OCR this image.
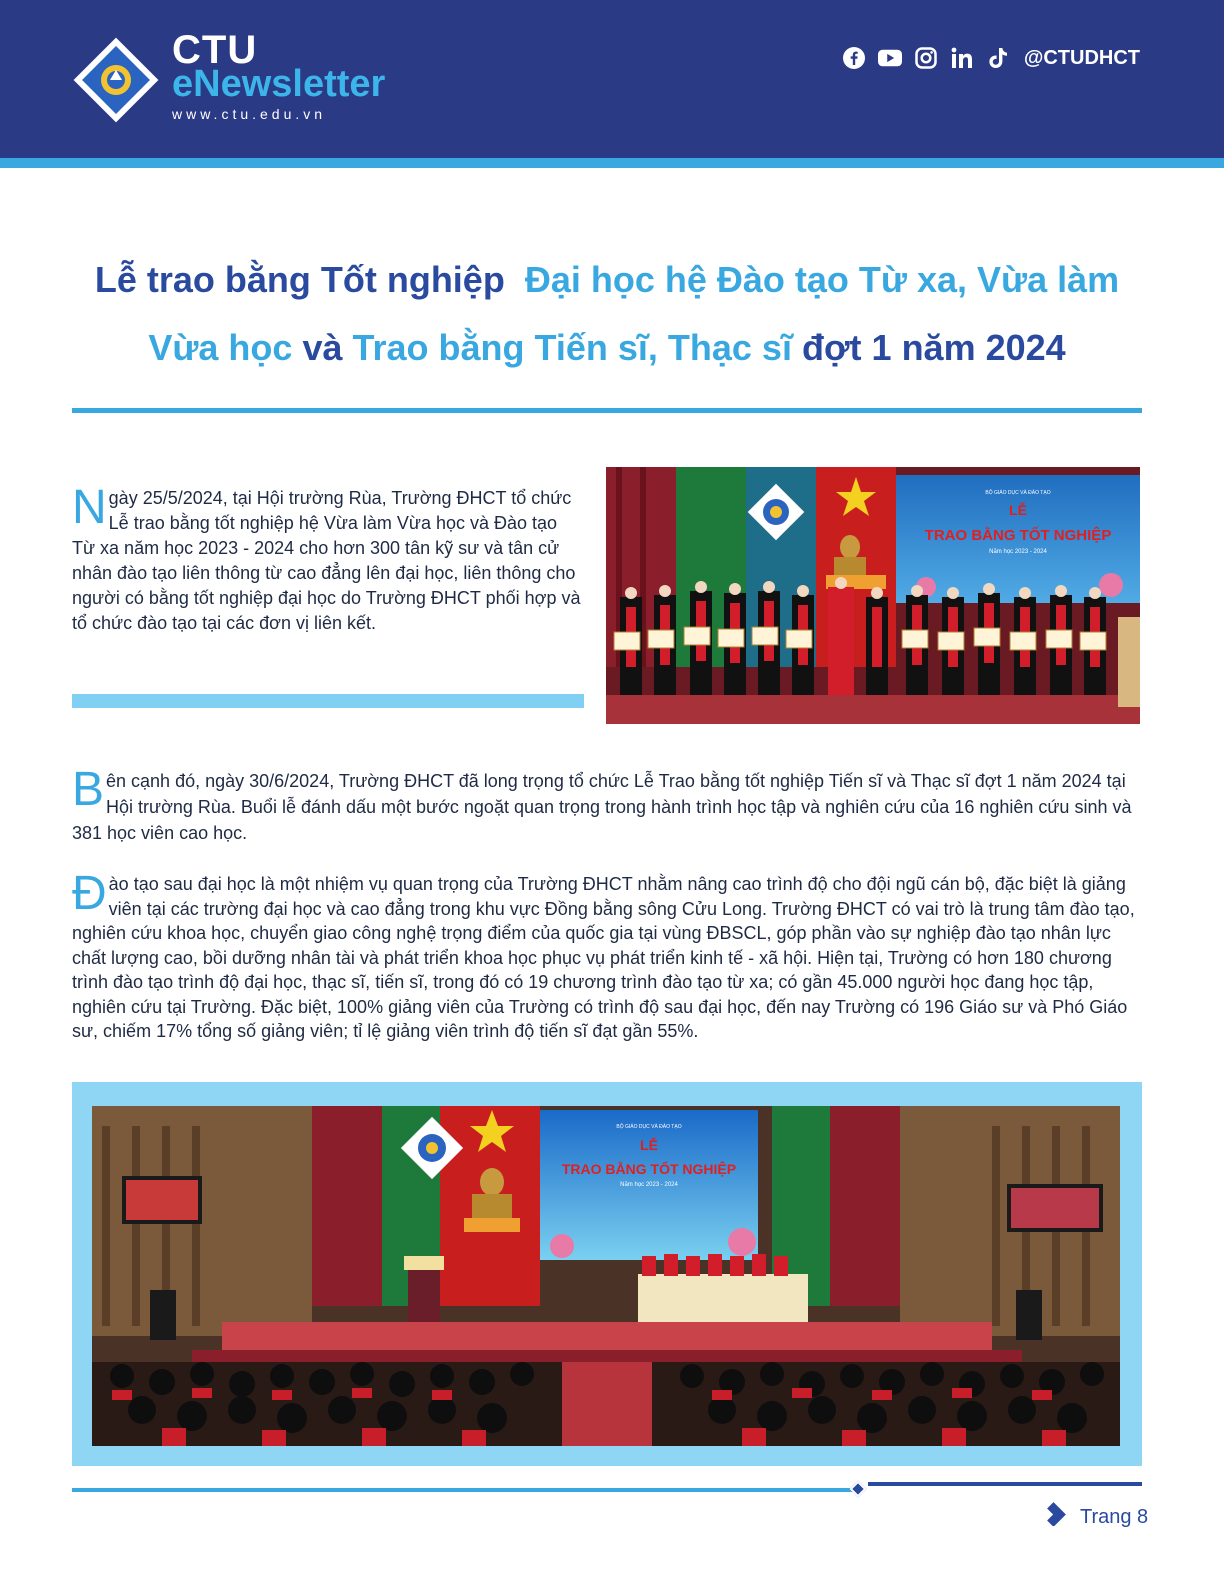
CTU
eNewsletter
www.ctu.edu.vn
@CTUDHCT
Lễ trao bằng Tốt nghiệp Đại học hệ Đào tạo Từ xa, Vừa làm Vừa học và Trao bằng Tiến sĩ, Thạc sĩ đợt 1 năm 2024
Ngày 25/5/2024, tại Hội trường Rùa, Trường ĐHCT tổ chức Lễ trao bằng tốt nghiệp hệ Vừa làm Vừa học và Đào tạo Từ xa năm học 2023 - 2024 cho hơn 300 tân kỹ sư và tân cử nhân đào tạo liên thông từ cao đẳng lên đại học, liên thông cho người có bằng tốt nghiệp đại học do Trường ĐHCT phối hợp và tổ chức đào tạo tại các đơn vị liên kết.
BỘ GIÁO DỤC VÀ ĐÀO TẠO
LỄ
TRAO BẰNG TỐT NGHIỆP
Năm học 2023 - 2024
Bên cạnh đó, ngày 30/6/2024, Trường ĐHCT đã long trọng tổ chức Lễ Trao bằng tốt nghiệp Tiến sĩ và Thạc sĩ đợt 1 năm 2024 tại Hội trường Rùa. Buổi lễ đánh dấu một bước ngoặt quan trọng trong hành trình học tập và nghiên cứu của 16 nghiên cứu sinh và 381 học viên cao học.
Đào tạo sau đại học là một nhiệm vụ quan trọng của Trường ĐHCT nhằm nâng cao trình độ cho đội ngũ cán bộ, đặc biệt là giảng viên tại các trường đại học và cao đẳng trong khu vực Đồng bằng sông Cửu Long. Trường ĐHCT có vai trò là trung tâm đào tạo, nghiên cứu khoa học, chuyển giao công nghệ trọng điểm của quốc gia tại vùng ĐBSCL, góp phần vào sự nghiệp đào tạo nhân lực chất lượng cao, bồi dưỡng nhân tài và phát triển khoa học phục vụ phát triển kinh tế - xã hội. Hiện tại, Trường có hơn 180 chương trình đào tạo trình độ đại học, thạc sĩ, tiến sĩ, trong đó có 19 chương trình đào tạo từ xa; có gần 45.000 người học đang học tập, nghiên cứu tại Trường. Đặc biệt, 100% giảng viên của Trường có trình độ sau đại học, đến nay Trường có 196 Giáo sư và Phó Giáo sư, chiếm 17% tổng số giảng viên; tỉ lệ giảng viên trình độ tiến sĩ đạt gần 55%.
BỘ GIÁO DỤC VÀ ĐÀO TẠO
LỄ
TRAO BẰNG TỐT NGHIỆP
Năm học 2023 - 2024
Trang 8
